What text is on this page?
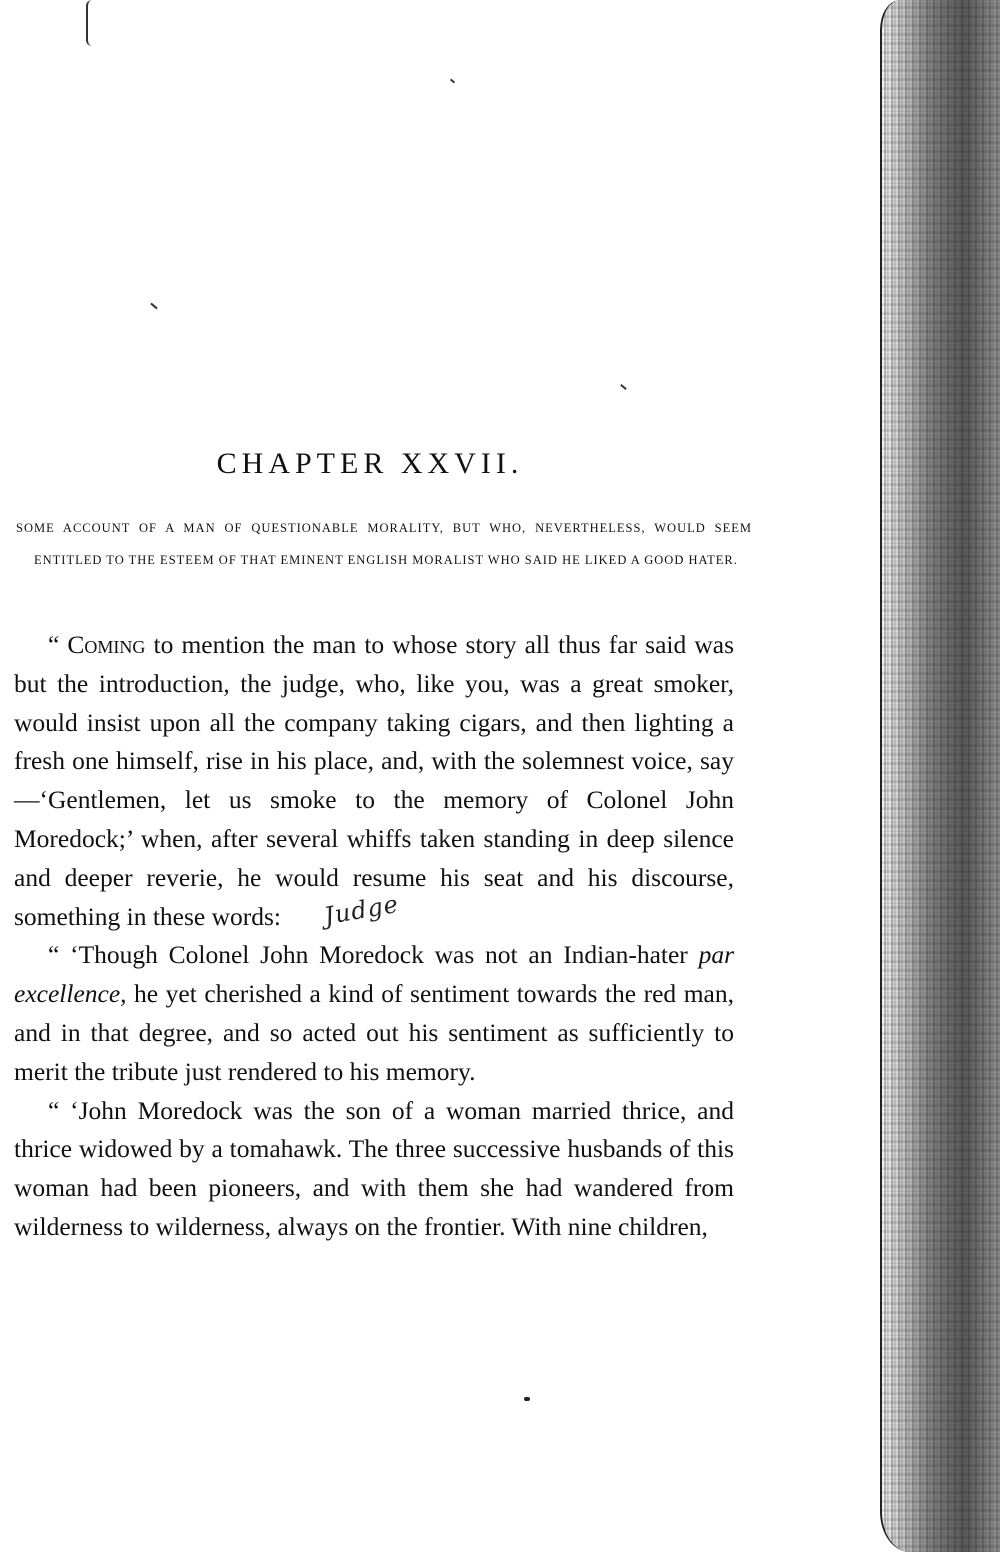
CHAPTER XXVII.

SOME ACCOUNT OF A MAN OF QUESTIONABLE MORALITY, BUT WHO, NEVERTHELESS, WOULD SEEM ENTITLED TO THE ESTEEM OF THAT EMINENT ENGLISH MORALIST WHO SAID HE LIKED A GOOD HATER.

“ Coming to mention the man to whose story all thus far said was but the introduction, the judge, who, like you, was a great smoker, would insist upon all the company taking cigars, and then lighting a fresh one himself, rise in his place, and, with the solemnest voice, say—‘Gentlemen, let us smoke to the memory of Colonel John Moredock;’ when, after several whiffs taken standing in deep silence and deeper reverie, he would resume his seat and his discourse, something in these words: Judge

“ ‘Though Colonel John Moredock was not an Indian-hater par excellence, he yet cherished a kind of sentiment towards the red man, and in that degree, and so acted out his sentiment as sufficiently to merit the tribute just rendered to his memory.

“ ‘John Moredock was the son of a woman married thrice, and thrice widowed by a tomahawk. The three successive husbands of this woman had been pioneers, and with them she had wandered from wilderness to wilderness, always on the frontier. With nine children,
